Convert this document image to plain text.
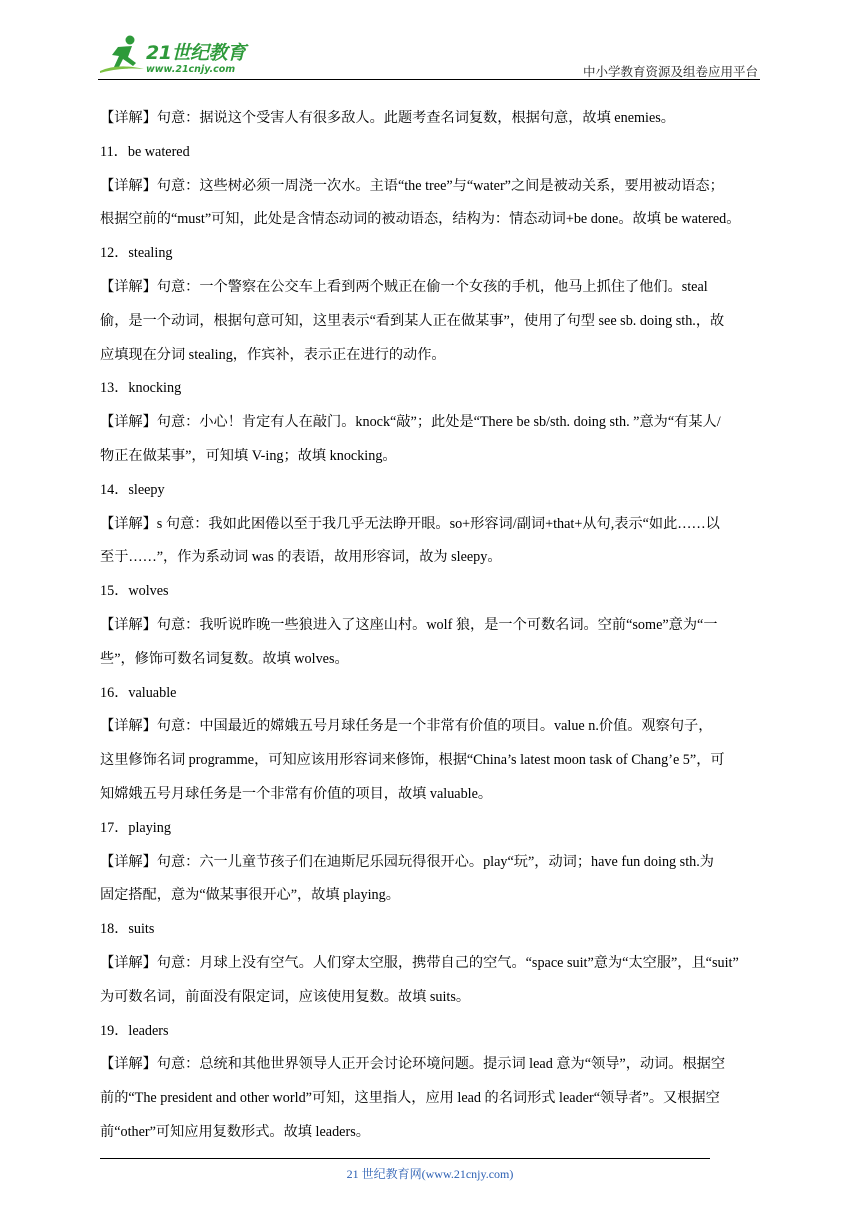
21世纪教育
www.21cnjy.com	中小学教育资源及组卷应用平台

【详解】句意：据说这个受害人有很多敌人。此题考查名词复数，根据句意，故填 enemies。

11．be watered

【详解】句意：这些树必须一周浇一次水。主语“the tree”与“water”之间是被动关系，要用被动语态；

根据空前的“must”可知，此处是含情态动词的被动语态，结构为：情态动词+be done。故填 be watered。

12．stealing

【详解】句意：一个警察在公交车上看到两个贼正在偷一个女孩的手机，他马上抓住了他们。steal

偷，是一个动词，根据句意可知，这里表示“看到某人正在做某事”，使用了句型 see sb. doing sth.，故

应填现在分词 stealing，作宾补，表示正在进行的动作。

13．knocking

【详解】句意：小心！肯定有人在敲门。knock“敲”；此处是“There be sb/sth. doing sth. ”意为“有某人/

物正在做某事”，可知填 V-ing；故填 knocking。

14．sleepy

【详解】s 句意：我如此困倦以至于我几乎无法睁开眼。so+形容词/副词+that+从句,表示“如此……以

至于……”，作为系动词 was 的表语，故用形容词，故为 sleepy。

15．wolves

【详解】句意：我听说昨晚一些狼进入了这座山村。wolf 狼，是一个可数名词。空前“some”意为“一

些”，修饰可数名词复数。故填 wolves。

16．valuable

【详解】句意：中国最近的嫦娥五号月球任务是一个非常有价值的项目。value n.价值。观察句子，

这里修饰名词 programme，可知应该用形容词来修饰，根据“China’s latest moon task of Chang’e 5”，可

知嫦娥五号月球任务是一个非常有价值的项目，故填 valuable。

17．playing

【详解】句意：六一儿童节孩子们在迪斯尼乐园玩得很开心。play“玩”，动词；have fun doing sth.为

固定搭配，意为“做某事很开心”，故填 playing。

18．suits

【详解】句意：月球上没有空气。人们穿太空服，携带自己的空气。“space suit”意为“太空服”，且“suit”

为可数名词，前面没有限定词，应该使用复数。故填 suits。

19．leaders

【详解】句意：总统和其他世界领导人正开会讨论环境问题。提示词 lead 意为“领导”，动词。根据空

前的“The president and other world”可知，这里指人，应用 lead 的名词形式 leader“领导者”。又根据空

前“other”可知应用复数形式。故填 leaders。

21 世纪教育网(www.21cnjy.com)
